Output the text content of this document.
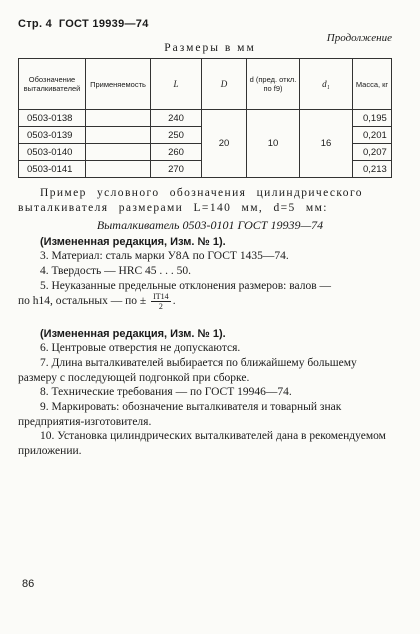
Стр. 4 ГОСТ 19939—74
Продолжение
Размеры в мм
Обозначение выталкивателей	Применяемость	L	D	d (пред. откл. по f9)	d₁	Масса, кг
0503-0138		240	20	10	16	0,195
0503-0139		250				0,201
0503-0140		260				0,207
0503-0141		270				0,213
Пример условного обозначения цилиндрического выталкивателя размерами L=140 мм, d=5 мм:
Выталкиватель 0503-0101 ГОСТ 19939—74
(Измененная редакция, Изм. № 1).
3. Материал: сталь марки У8А по ГОСТ 1435—74.
4. Твердость — HRC 45 . . . 50.
5. Неуказанные предельные отклонения размеров: валов —
по h14, остальных — по ± $\frac{IT14}{2}$ .
(Измененная редакция, Изм. № 1).
6. Центровые отверстия не допускаются.
7. Длина выталкивателей выбирается по ближайшему большему размеру с последующей подгонкой при сборке.
8. Технические требования — по ГОСТ 19946—74.
9. Маркировать: обозначение выталкивателя и товарный знак предприятия-изготовителя.
10. Установка цилиндрических выталкивателей дана в рекомендуемом приложении.
86
